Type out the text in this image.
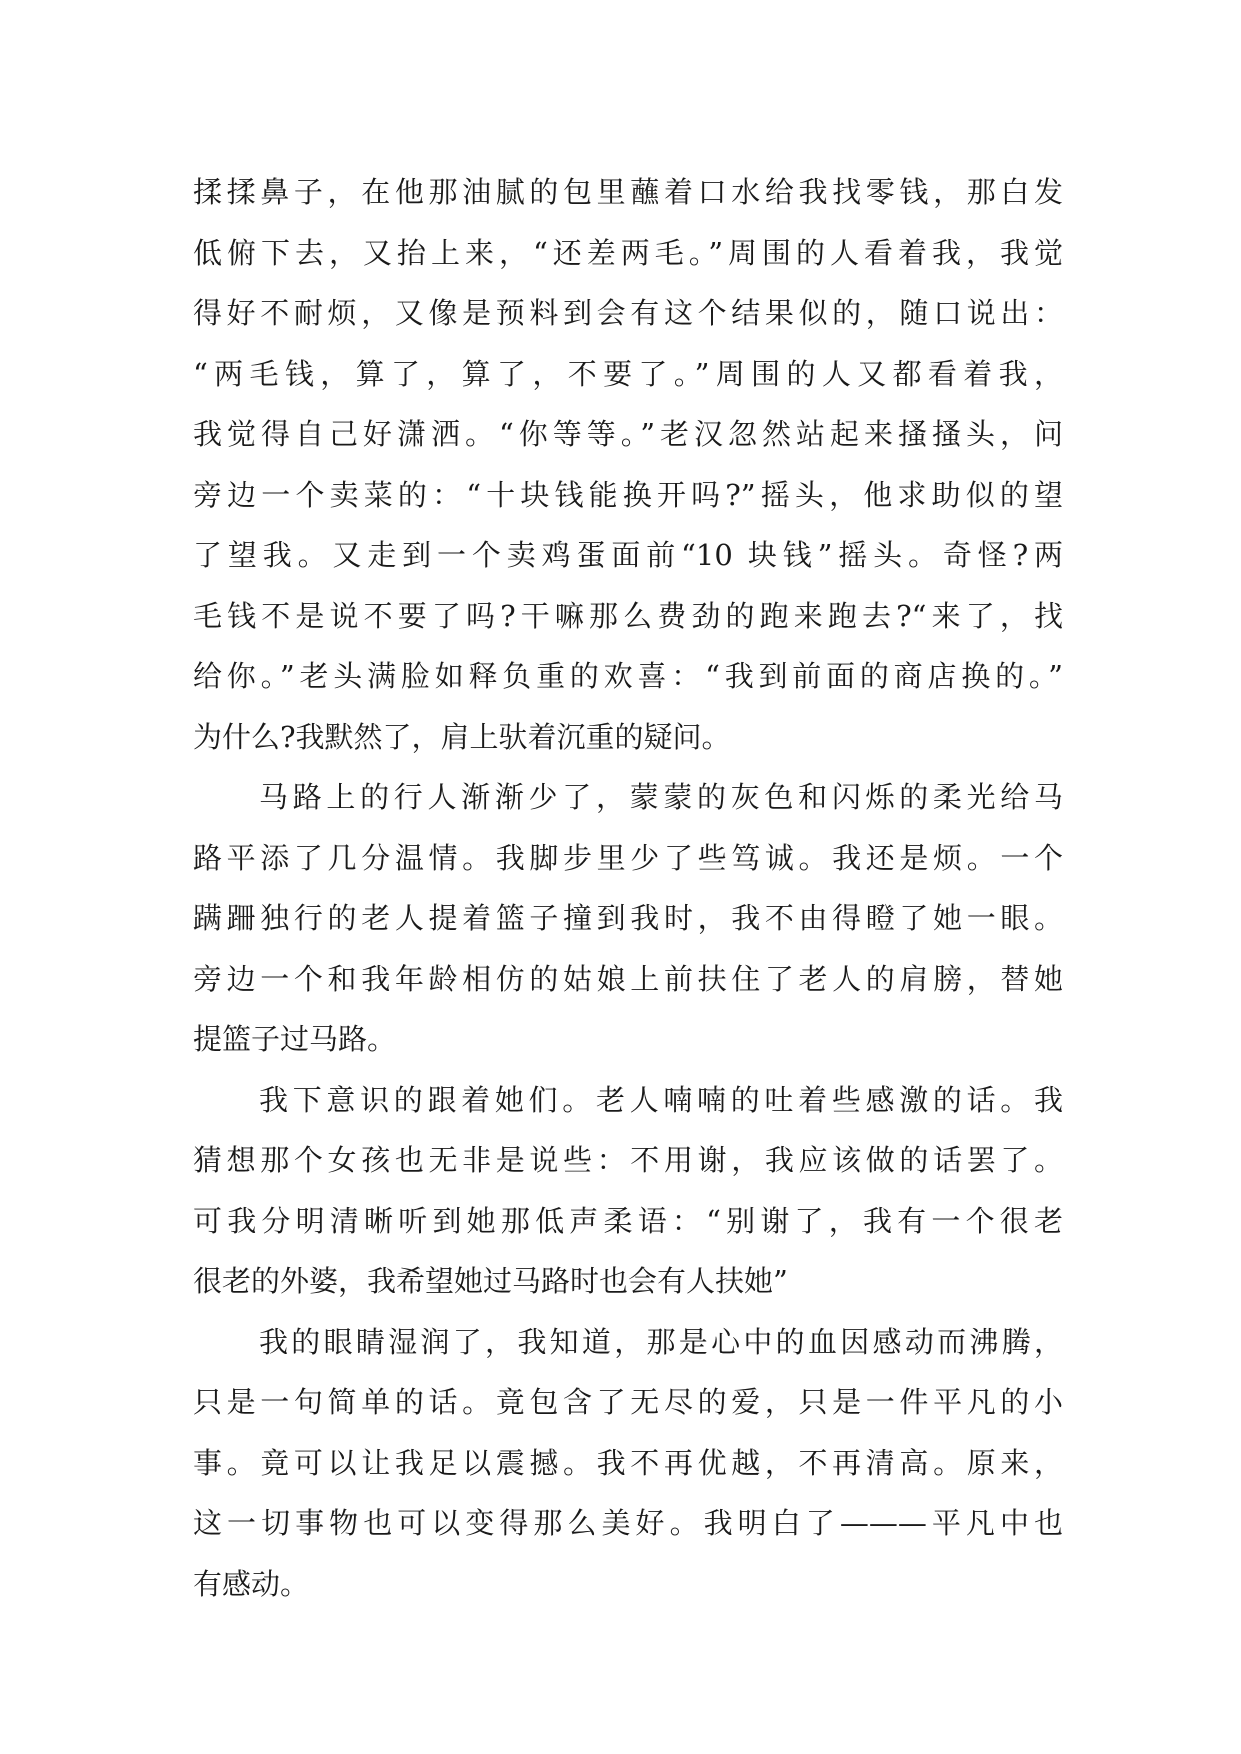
揉揉鼻子，在他那油腻的包里蘸着口水给我找零钱，那白发
低俯下去，又抬上来，“还差两毛。”周围的人看着我，我觉
得好不耐烦，又像是预料到会有这个结果似的，随口说出：
“两毛钱，算了，算了，不要了。”周围的人又都看着我，
我觉得自己好潇洒。“你等等。”老汉忽然站起来搔搔头，问
旁边一个卖菜的：“十块钱能换开吗?”摇头，他求助似的望
了望我。又走到一个卖鸡蛋面前“10 块钱”摇头。奇怪?两
毛钱不是说不要了吗?干嘛那么费劲的跑来跑去?“来了，找
给你。”老头满脸如释负重的欢喜：“我到前面的商店换的。”
为什么?我默然了，肩上驮着沉重的疑问。
马路上的行人渐渐少了，蒙蒙的灰色和闪烁的柔光给马
路平添了几分温情。我脚步里少了些笃诚。我还是烦。一个
蹒跚独行的老人提着篮子撞到我时，我不由得瞪了她一眼。
旁边一个和我年龄相仿的姑娘上前扶住了老人的肩膀，替她
提篮子过马路。
我下意识的跟着她们。老人喃喃的吐着些感激的话。我
猜想那个女孩也无非是说些：不用谢，我应该做的话罢了。
可我分明清晰听到她那低声柔语：“别谢了，我有一个很老
很老的外婆，我希望她过马路时也会有人扶她”
我的眼睛湿润了，我知道，那是心中的血因感动而沸腾，
只是一句简单的话。竟包含了无尽的爱，只是一件平凡的小
事。竟可以让我足以震撼。我不再优越，不再清高。原来，
这一切事物也可以变得那么美好。我明白了———平凡中也
有感动。
